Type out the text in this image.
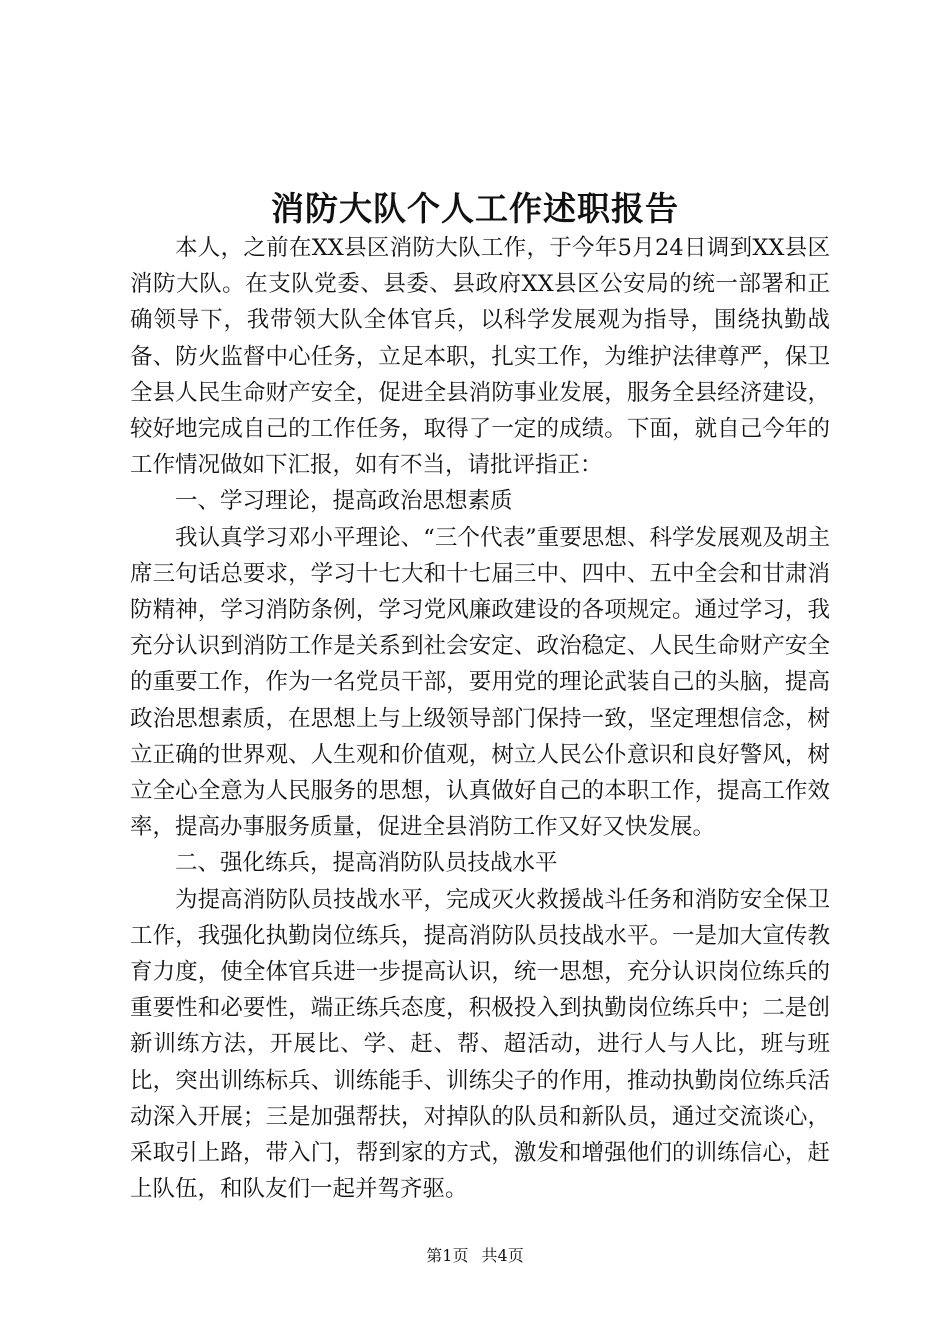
消防大队个人工作述职报告

本人，之前在XX县区消防大队工作，于今年5月24日调到XX县区消防大队。在支队党委、县委、县政府XX县区公安局的统一部署和正确领导下，我带领大队全体官兵，以科学发展观为指导，围绕执勤战备、防火监督中心任务，立足本职，扎实工作，为维护法律尊严，保卫全县人民生命财产安全，促进全县消防事业发展，服务全县经济建设，较好地完成自己的工作任务，取得了一定的成绩。下面，就自己今年的工作情况做如下汇报，如有不当，请批评指正：

一、学习理论，提高政治思想素质

我认真学习邓小平理论、“三个代表”重要思想、科学发展观及胡主席三句话总要求，学习十七大和十七届三中、四中、五中全会和甘肃消防精神，学习消防条例，学习党风廉政建设的各项规定。通过学习，我充分认识到消防工作是关系到社会安定、政治稳定、人民生命财产安全的重要工作，作为一名党员干部，要用党的理论武装自己的头脑，提高政治思想素质，在思想上与上级领导部门保持一致，坚定理想信念，树立正确的世界观、人生观和价值观，树立人民公仆意识和良好警风，树立全心全意为人民服务的思想，认真做好自己的本职工作，提高工作效率，提高办事服务质量，促进全县消防工作又好又快发展。

二、强化练兵，提高消防队员技战水平

为提高消防队员技战水平，完成灭火救援战斗任务和消防安全保卫工作，我强化执勤岗位练兵，提高消防队员技战水平。一是加大宣传教育力度，使全体官兵进一步提高认识，统一思想，充分认识岗位练兵的重要性和必要性，端正练兵态度，积极投入到执勤岗位练兵中；二是创新训练方法，开展比、学、赶、帮、超活动，进行人与人比，班与班比，突出训练标兵、训练能手、训练尖子的作用，推动执勤岗位练兵活动深入开展；三是加强帮扶，对掉队的队员和新队员，通过交流谈心，采取引上路，带入门，帮到家的方式，激发和增强他们的训练信心，赶上队伍，和队友们一起并驾齐驱。

第1页 共4页
